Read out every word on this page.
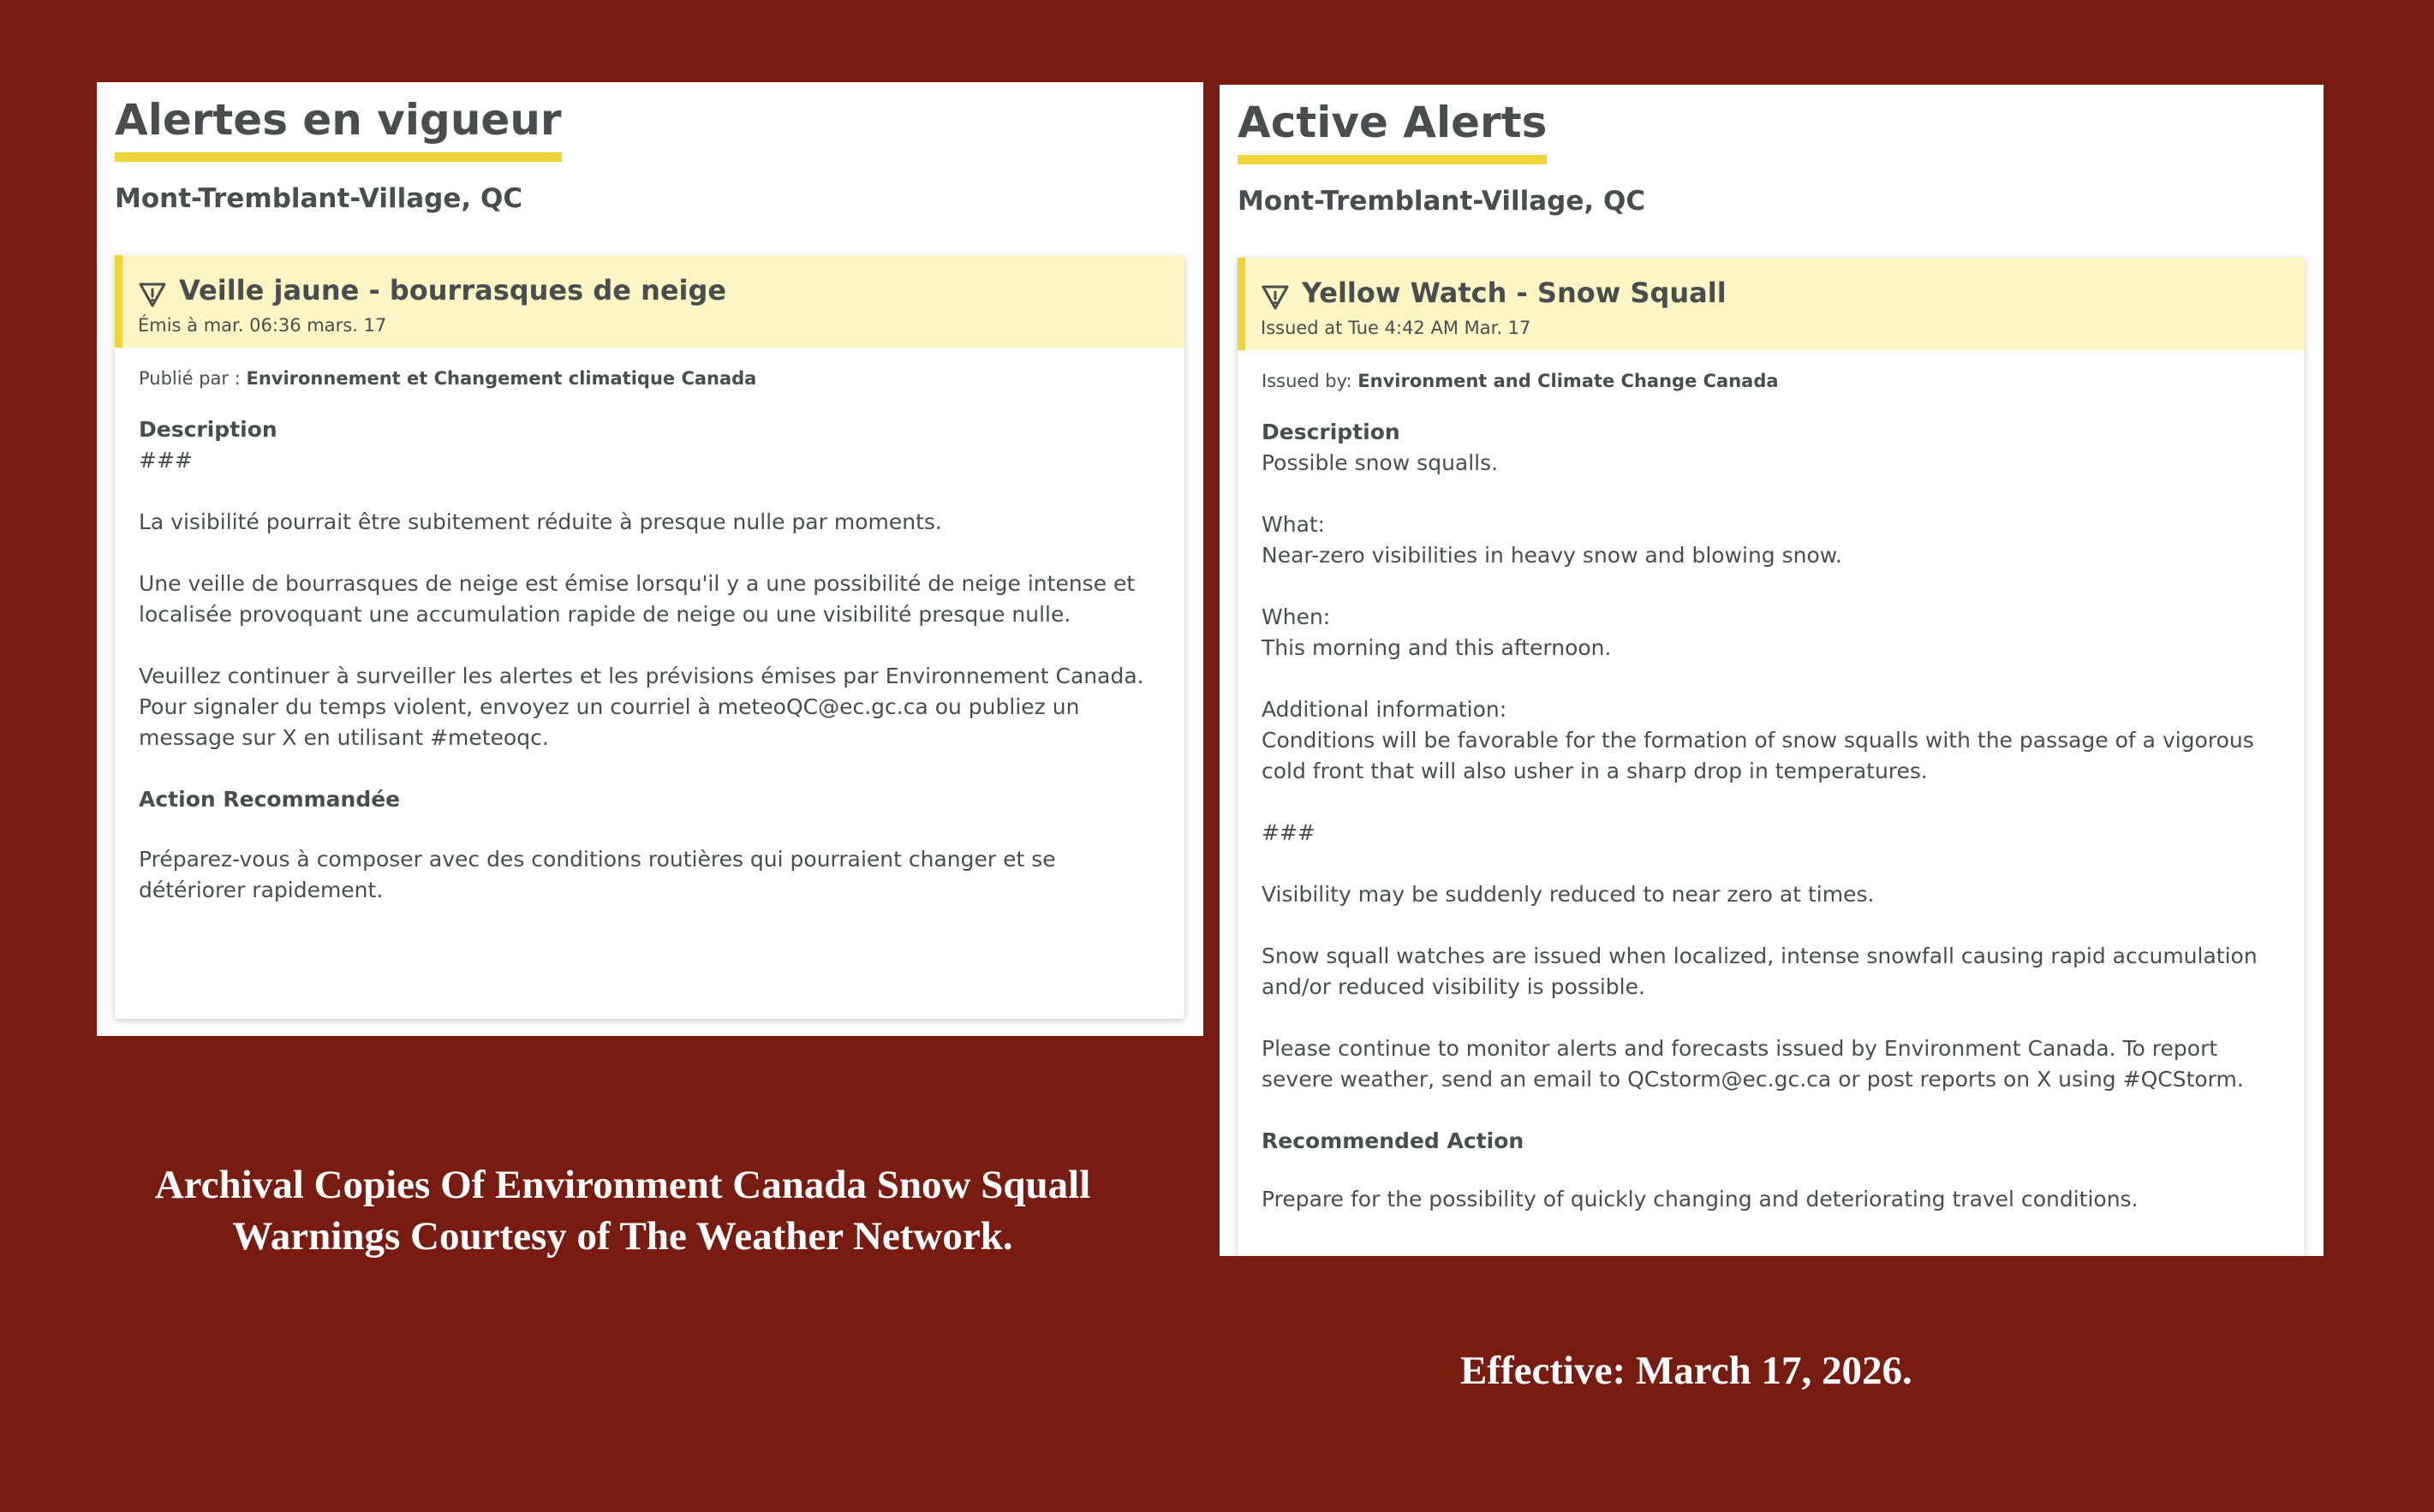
Alertes en vigueur
Mont-Tremblant-Village, QC
Veille jaune - bourrasques de neige
Émis à mar. 06:36 mars. 17

Publié par : Environnement et Changement climatique Canada

Description

###

La visibilité pourrait être subitement réduite à presque nulle par moments.

Une veille de bourrasques de neige est émise lorsqu'il y a une possibilité de neige intense et localisée provoquant une accumulation rapide de neige ou une visibilité presque nulle.

Veuillez continuer à surveiller les alertes et les prévisions émises par Environnement Canada. Pour signaler du temps violent, envoyez un courriel à meteoQC@ec.gc.ca ou publiez un message sur X en utilisant #meteoqc.

Action Recommandée

Préparez-vous à composer avec des conditions routières qui pourraient changer et se détériorer rapidement.

Active Alerts
Mont-Tremblant-Village, QC
Yellow Watch - Snow Squall
Issued at Tue 4:42 AM Mar. 17

Issued by: Environment and Climate Change Canada

Description

Possible snow squalls.

What:

Near-zero visibilities in heavy snow and blowing snow.

When:

This morning and this afternoon.

Additional information:

Conditions will be favorable for the formation of snow squalls with the passage of a vigorous cold front that will also usher in a sharp drop in temperatures.

###

Visibility may be suddenly reduced to near zero at times.

Snow squall watches are issued when localized, intense snowfall causing rapid accumulation and/or reduced visibility is possible.

Please continue to monitor alerts and forecasts issued by Environment Canada. To report severe weather, send an email to QCstorm@ec.gc.ca or post reports on X using #QCStorm.

Recommended Action

Prepare for the possibility of quickly changing and deteriorating travel conditions.

Archival Copies Of Environment Canada Snow Squall
Warnings Courtesy of The Weather Network.
Effective: March 17, 2026.
